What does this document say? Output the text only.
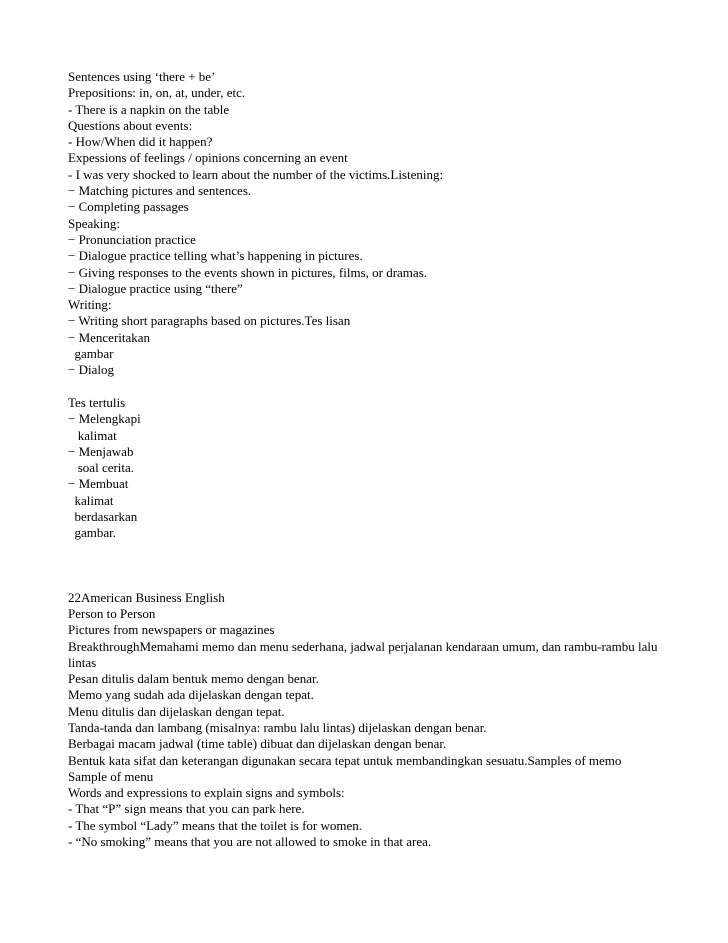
Sentences using ‘there + be’
Prepositions: in, on, at, under, etc.
- There is a napkin on the table
Questions about events:
- How/When did it happen?
Expessions of feelings / opinions concerning an event
- I was very shocked to learn about the number of the victims.Listening:
− Matching pictures and sentences.
− Completing passages
Speaking:
− Pronunciation practice
− Dialogue practice telling what’s happening in pictures.
− Giving responses to the events shown in pictures, films, or dramas.
− Dialogue practice using “there”
Writing:
− Writing short paragraphs based on pictures.Tes lisan
− Menceritakan
gambar
− Dialog
Tes tertulis
− Melengkapi
kalimat
− Menjawab
soal cerita.
− Membuat
kalimat
berdasarkan
gambar.
22American Business English
Person to Person
Pictures from newspapers or magazines
BreakthroughMemahami memo dan menu sederhana, jadwal perjalanan kendaraan umum, dan rambu-rambu lalu lintas
Pesan ditulis dalam bentuk memo dengan benar.
Memo yang sudah ada dijelaskan dengan tepat.
Menu ditulis dan dijelaskan dengan tepat.
Tanda-tanda dan lambang (misalnya: rambu lalu lintas) dijelaskan dengan benar.
Berbagai macam jadwal (time table) dibuat dan dijelaskan dengan benar.
Bentuk kata sifat dan keterangan digunakan secara tepat untuk membandingkan sesuatu.Samples of memo
Sample of menu
Words and expressions to explain signs and symbols:
- That “P” sign means that you can park here.
- The symbol “Lady” means that the toilet is for women.
- “No smoking” means that you are not allowed to smoke in that area.
